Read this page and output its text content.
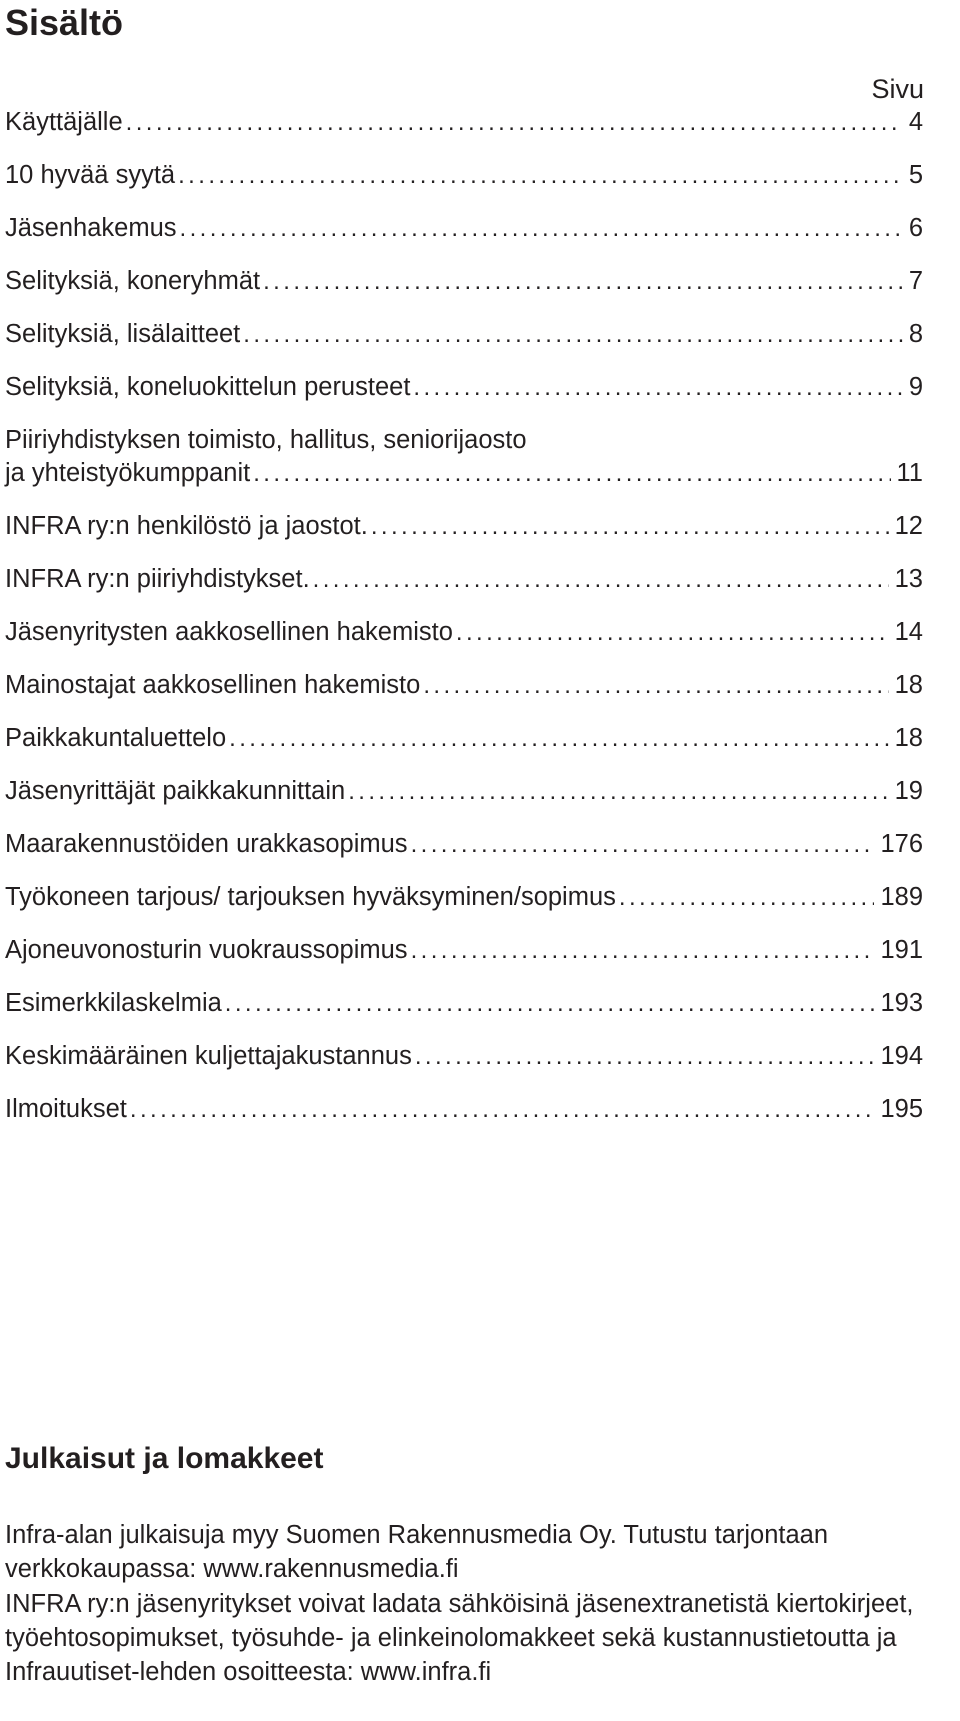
Sisältö
Sivu
Käyttäjälle .....	4
10 hyvää syytä .....	5
Jäsenhakemus .....	6
Selityksiä, koneryhmät .....	7
Selityksiä, lisälaitteet .....	8
Selityksiä, koneluokittelun perusteet .....	9
Piiriyhdistyksen toimisto, hallitus, seniorijaosto
ja yhteistyökumppanit .....	11
INFRA ry:n henkilöstö ja jaostot. .....	12
INFRA ry:n piiriyhdistykset. .....	13
Jäsenyritysten aakkosellinen hakemisto .....	14
Mainostajat aakkosellinen hakemisto .....	18
Paikkakuntaluettelo .....	18
Jäsenyrittäjät paikkakunnittain .....	19
Maarakennustöiden urakkasopimus .....	176
Työkoneen tarjous/ tarjouksen hyväksyminen/sopimus .....	189
Ajoneuvonosturin vuokraussopimus .....	191
Esimerkkilaskelmia .....	193
Keskimääräinen kuljettajakustannus .....	194
Ilmoitukset .....	195
Julkaisut ja lomakkeet

Infra-alan julkaisuja myy Suomen Rakennusmedia Oy. Tutustu tarjontaan verkkokaupassa: www.rakennusmedia.fi

INFRA ry:n jäsenyritykset voivat ladata sähköisinä jäsenextranetistä kiertokirjeet, työehtosopimukset, työsuhde- ja elinkeinolomakkeet sekä kustannustietoutta ja Infrauutiset-lehden osoitteesta: www.infra.fi
